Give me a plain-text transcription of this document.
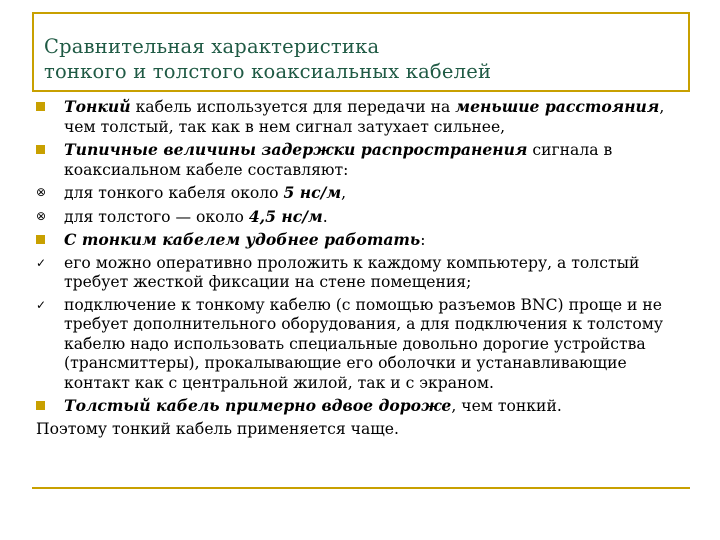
Сравнительная характеристика
тонкого и толстого коаксиальных кабелей
Тонкий кабель используется для передачи на меньшие расстояния, чем толстый, так как в нем сигнал затухает сильнее,
Типичные величины задержки распространения сигнала в коаксиальном кабеле составляют:
⊗	для тонкого кабеля около 5 нс/м,
⊗	для толстого — около 4,5 нс/м.
С тонким кабелем удобнее работать:
✓	его можно оперативно проложить к каждому компьютеру, а толстый требует жесткой фиксации на стене помещения;
✓	подключение к тонкому кабелю (с помощью разъемов BNC) проще и не требует дополнительного оборудования, а для подключения к толстому кабелю надо использовать специальные довольно дорогие устройства (трансмиттеры), прокалывающие его оболочки и устанавливающие контакт как с центральной жилой, так и с экраном.
Толстый кабель примерно вдвое дороже, чем тонкий.
Поэтому тонкий кабель применяется чаще.
